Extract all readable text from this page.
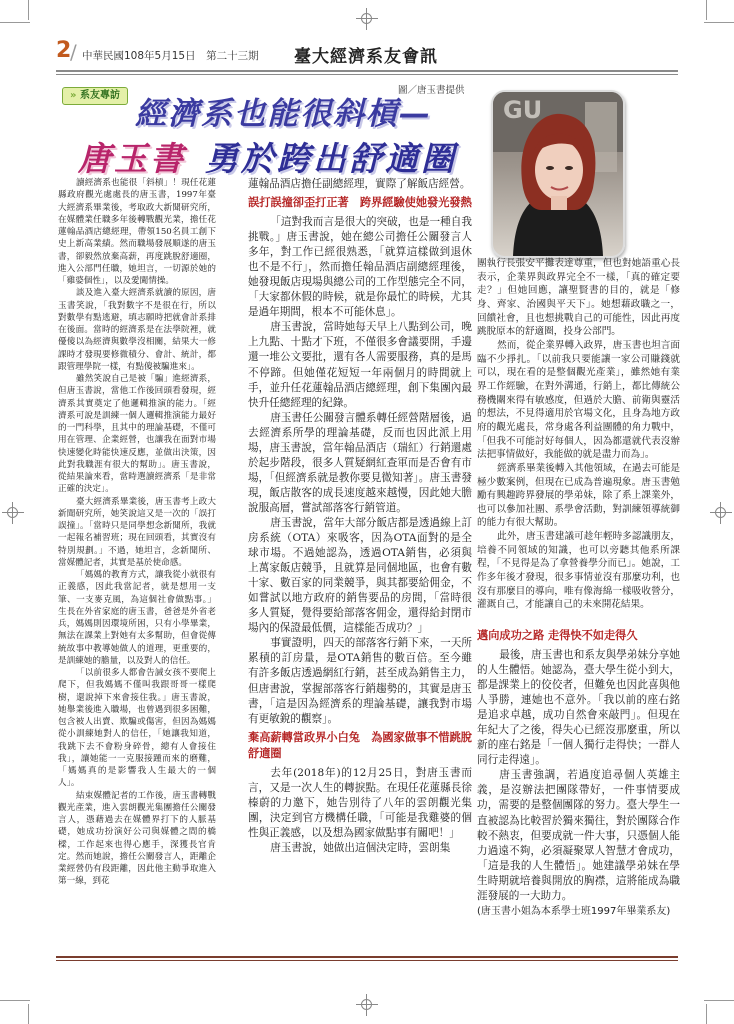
2
/ 中華民國108年5月15日　第二十三期 臺大經濟系友會訊
» 系友專訪	圖／唐玉書提供
經濟系也能很斜槓—
唐玉書 勇於跨出舒適圈
GU

讀經濟系也能很「斜槓」！現任花蓮縣政府觀光處處長的唐玉書，1997年臺大經濟系畢業後，考取政大新聞研究所，在媒體業任職多年後轉戰觀光業，擔任花蓮翰品酒店總經理，帶領150名員工創下史上新高業績。然而職場發展順遂的唐玉書，卻毅然放棄高薪，再度跳脫舒適圈，進入公部門任職，她坦言，一切源於她的「雞婆個性」，以及愛闖情操。

談及進入臺大經濟系就讀的原因，唐玉書笑說，「我對數字不是很在行，所以對數學有點逃避，填志願時把就會計系排在後面。當時的經濟系是在法學院裡，就優傻以為經濟與數學沒相關，結果大一修課時才發現要修微積分、會計、統計，都跟管理學院一樣，有點傻被騙進來」。

雖然笑說自己是被「騙」進經濟系，但唐玉書說，當他工作後回頭看發現，經濟系其實奠定了他邏輯推演的能力。「經濟系可說是訓練一個人邏輯推演能力最好的一門科學，且其中的理論基礎，不僅可用在管理、企業經營，也讓我在面對市場快速變化時能快速反應，並做出決策，因此對我職涯有很大的幫助」。唐玉書說，從結果論來看，當時選讀經濟系「是非常正確的決定」。

臺大經濟系畢業後，唐玉書考上政大新聞研究所，她笑說這又是一次的「誤打誤撞」。「當時只是同學想念新聞所，我就一起報名補習班；現在回頭看，其實沒有特別規劃。」不過，她坦言，念新聞所、當媒體記者，其實是基於使命感。

「媽媽的教育方式，讓我從小就很有正義感，因此我當記者，就是想用一支筆、一支麥克風，為這個社會做點事。」生長在外省家庭的唐玉書，爸爸是外省老兵，媽媽則因環境所困，只有小學畢業，無法在課業上對她有太多幫助，但會從傳統故事中教導她做人的道理，更重要的，是訓練她的膽量，以及對人的信任。

「以前很多人都會告誡女孩不要爬上爬下，但我媽媽不僅叫我跟哥哥一樣爬樹，還說掉下來會接住我。」唐玉書說，她舉業後進入職場，也曾遇到很多困難，包含被人出賣、欺騙或傷害，但因為媽媽從小訓練她對人的信任，「她讓我知道，我跳下去不會粉身碎骨，總有人會接住我」，讓她能一一克服接踵而來的磨難，「媽媽真的是影響我人生最大的一個人」。

結束媒體記者的工作後，唐玉書轉戰觀光產業，進入雲朗觀光集團擔任公關發言人，憑藉過去在媒體界打下的人脈基礎，她成功扮演好公司與媒體之間的橋樑，工作起來也得心應手，深獲長官肯定。然而她說，擔任公關發言人，距離企業經營仍有段距離，因此他主動爭取進入第一線，到花

蓮翰品酒店擔任副總經理，實際了解飯店經營。

誤打誤撞卻歪打正著　跨界經驗使她發光發熱

「這對我而言是很大的突破，也是一種自我挑戰。」唐玉書說，她在總公司擔任公關發言人多年，對工作已經很熟悉，「就算這樣做到退休也不是不行」，然而擔任翰品酒店副總經理後，她發現飯店現場與總公司的工作型態完全不同，「大家都休假的時候，就是你最忙的時候，尤其是過年期間，根本不可能休息」。

唐玉書說，當時她每天早上八點到公司，晚上九點、十點才下班，不僅很多會議要開，手邊還一堆公文要批，還有各人需要服務，真的是馬不停蹄。但她僅花短短一年兩個月的時間就上手，並升任花蓮翰品酒店總經理，創下集團內最快升任總經理的紀錄。

唐玉書任公關發言體系轉任經營階層後，過去經濟系所學的理論基礎，反而也因此派上用場，唐玉書說，當年翰品酒店（瑞紅）行銷還處於起步階段，很多人質疑網紅查軍而是否會有市場，「但經濟系就是教你要見微知著」。唐玉書發現，飯店散客的成長速度越來越慢，因此她大膽說服高層，嘗試部落客行銷管道。

唐玉書說，當年大部分飯店都是透過線上訂房系統（OTA）來吸客，因為OTA面對的是全球市場。不過她認為，透過OTA銷售，必須與上萬家飯店競爭，且就算是同個地區，也會有數十家、數百家的同業競爭，與其都要給佣金，不如嘗試以地方政府的銷售要品的房間，「當時很多人質疑，覺得要給部落客佣金，還得給封閉市場內的保證最低價，這樣能否成功？」

事實證明，四天的部落客行銷下來，一天所累積的訂房量，是OTA銷售的數百倍。至今雖有許多飯店透過網紅行銷，甚至成為銷售主力，但唐書說，掌握部落客行銷趨勢的，其實是唐玉書，「這是因為經濟系的理論基礎，讓我對市場有更敏銳的觀察」。

棄高薪轉當政界小白兔　為國家做事不惜跳脫舒適圈

去年(2018年)的12月25日，對唐玉書而言，又是一次人生的轉捩點。在現任花蓮縣長徐榛蔚的力邀下，她告別待了八年的雲朗觀光集團，決定到官方機構任職，「可能是我雞婆的個性與正義感，以及想為國家做點事有關吧！」

唐玉書說，她做出這個決定時，雲朗集

團執行長張安平攤表達尊重，但也對她語重心長表示，企業界與政界完全不一樣，「真的確定要走？」但她回應，讓聖賢書的目的，就是「修身、齊家、治國與平天下」。她想藉政職之一，回饋社會，且也想挑戰自己的可能性，因此再度跳脫原本的舒適圈，投身公部門。

然而，從企業界轉入政界，唐玉書也坦言面臨不少掙扎。「以前我只要能讓一家公司賺錢就可以，現在看的是整個觀光產業」，雖然她有業界工作經驗，在對外溝通，行銷上，都比傳統公務機關來得有敏感度，但過於大膽、前衛與靈活的想法，不見得適用於官場文化，且身為地方政府的觀光處長，常身處各利益團體的角力戰中，「但我不可能討好每個人，因為都還就代表沒辦法把事情做好，我能做的就是盡力而為」。

經濟系畢業後轉入其他領域，在過去可能是極少數案例，但現在已成為普遍現象。唐玉書勉勵有興趣跨界發展的學弟妹，除了系上課業外，也可以參加社團、系學會活動，對訓練領導統御的能力有很大幫助。

此外，唐玉書建議可趁年輕時多認識朋友，培養不同領域的知識，也可以旁聽其他系所課程，「不見得是為了拿營養學分而已」。她說，工作多年後才發現，很多事情並沒有那麼功利，也沒有那麼目的導向，唯有像海綿一樣吸收營分，灌溉自己，才能讓自己的未來開花結果。

邁向成功之路 走得快不如走得久

最後，唐玉書也和系友與學弟妹分享她的人生體悟。她認為，臺大學生從小到大，都是課業上的佼佼者，但難免也因此喜與他人爭勝，連她也不意外。「我以前的座右銘是追求卓越，成功自然會來敲門」。但現在年紀大了之後，得失心已經沒那麼重，所以新的座右銘是「一個人獨行走得快；一群人同行走得遠」。

唐玉書強調，若過度追尋個人英雄主義，是沒辦法把團隊帶好，一件事情要成功，需要的是整個團隊的努力。臺大學生一直被認為比較習於獨來獨往，對於團隊合作較不熱衷，但要成就一件大事，只憑個人能力過遠不夠，必須凝聚眾人智慧才會成功，「這是我的人生體悟」。她建議學弟妹在學生時期就培養與開放的胸襟，這將能成為職涯發展的一大助力。

(唐玉書小姐為本系學士班1997年畢業系友)
